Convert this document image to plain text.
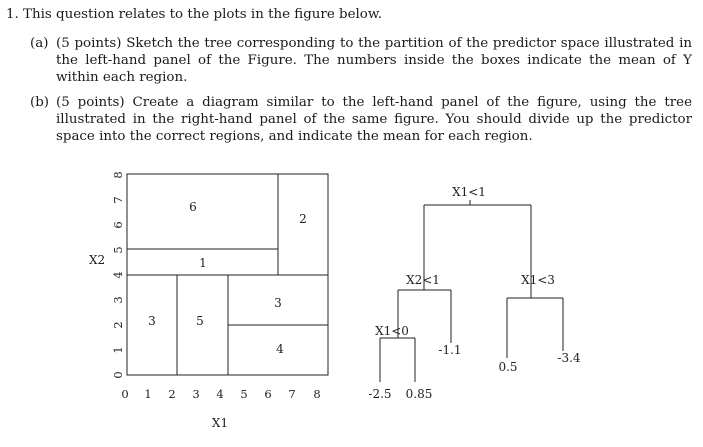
1. This question relates to the plots in the figure below.

(a) (5 points) Sketch the tree corresponding to the partition of the predictor space illustrated in the left-hand panel of the Figure. The numbers inside the boxes indicate the mean of Y within each region.
(b) (5 points) Create a diagram similar to the left-hand panel of the figure, using the tree illustrated in the right-hand panel of the same figure. You should divide up the predictor space into the correct regions, and indicate the mean for each region.
6
2
1
3	5
3
4
0
1
2
3
4
5
6
7
8
X2
0 1 2 3 4 5 6 7 8
X1
X1<1
X2<1	X1<3
X1<0
-2.5 0.85
-1.1
0.5
-3.4
